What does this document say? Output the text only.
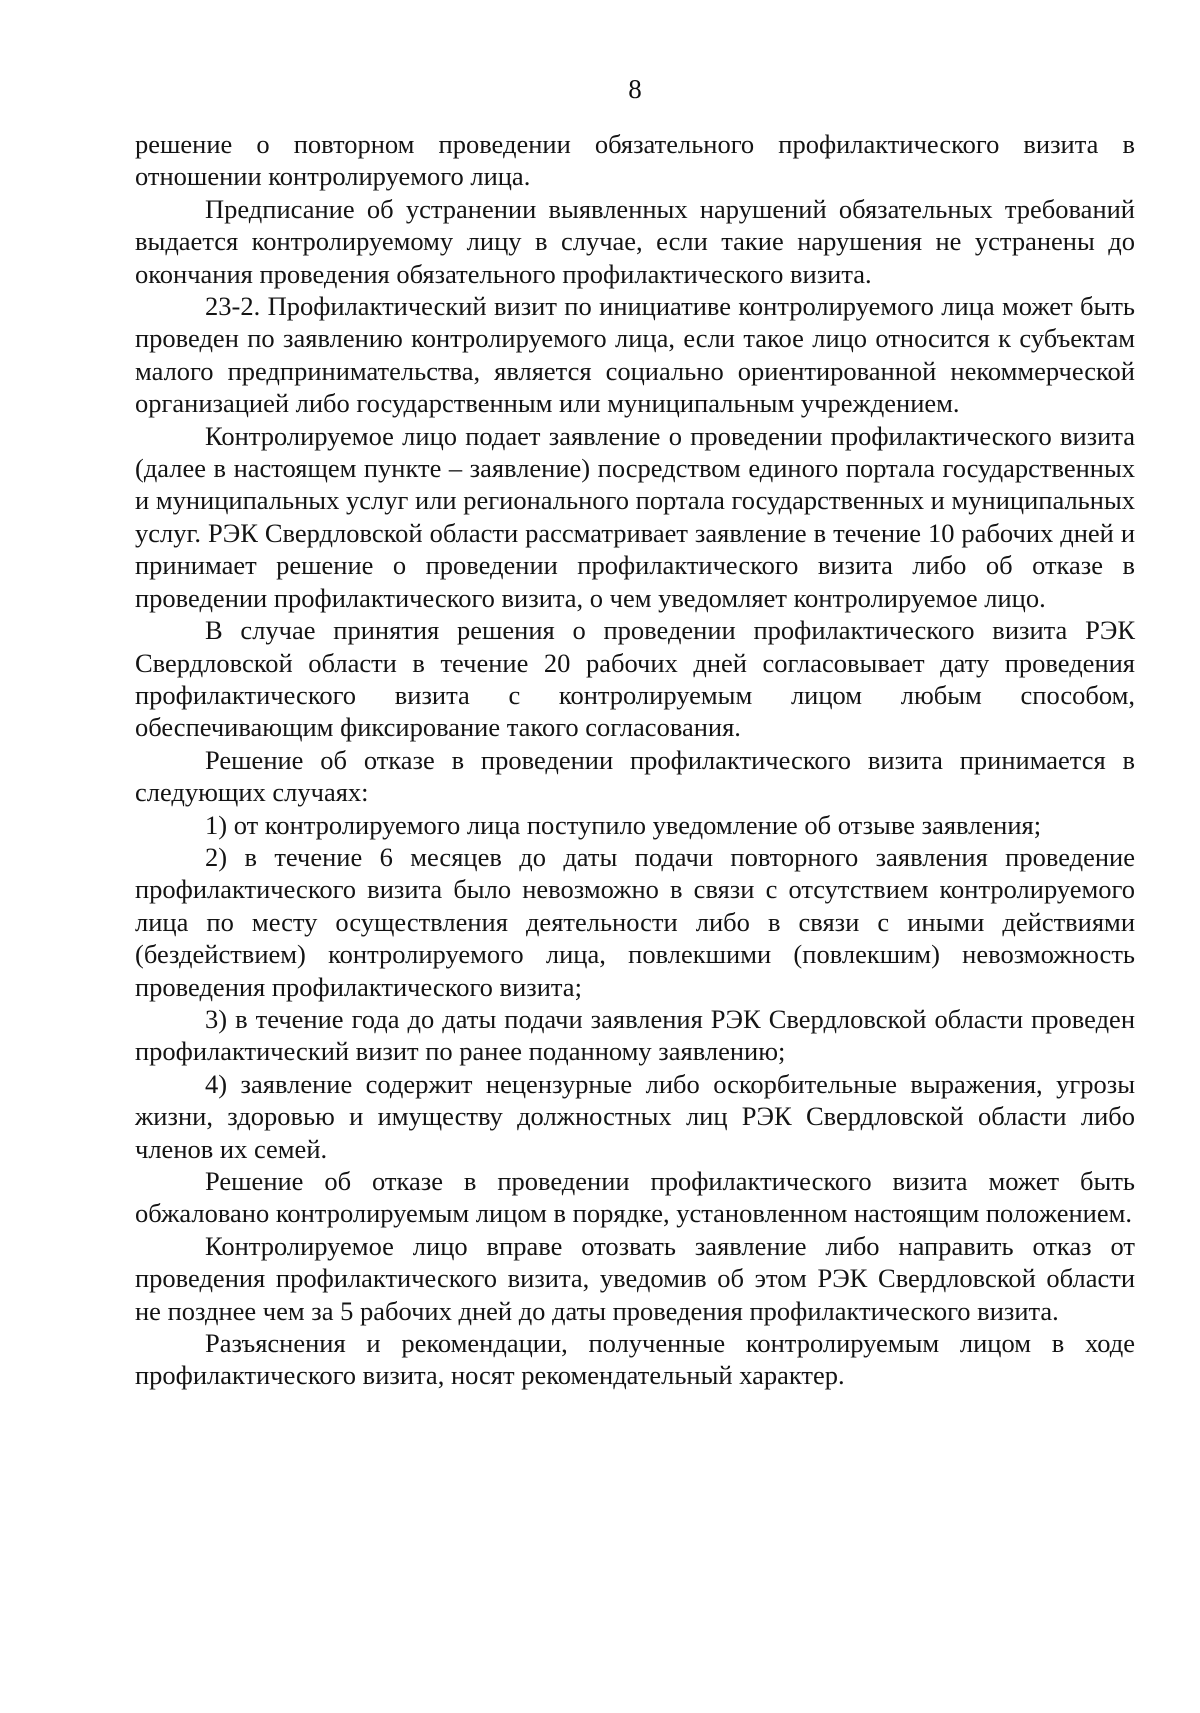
8

решение о повторном проведении обязательного профилактического визита в отношении контролируемого лица.

Предписание об устранении выявленных нарушений обязательных требований выдается контролируемому лицу в случае, если такие нарушения не устранены до окончания проведения обязательного профилактического визита.

23-2. Профилактический визит по инициативе контролируемого лица может быть проведен по заявлению контролируемого лица, если такое лицо относится к субъектам малого предпринимательства, является социально ориентированной некоммерческой организацией либо государственным или муниципальным учреждением.

Контролируемое лицо подает заявление о проведении профилактического визита (далее в настоящем пункте – заявление) посредством единого портала государственных и муниципальных услуг или регионального портала государственных и муниципальных услуг. РЭК Свердловской области рассматривает заявление в течение 10 рабочих дней и принимает решение о проведении профилактического визита либо об отказе в проведении профилактического визита, о чем уведомляет контролируемое лицо.

В случае принятия решения о проведении профилактического визита РЭК Свердловской области в течение 20 рабочих дней согласовывает дату проведения профилактического визита с контролируемым лицом любым способом, обеспечивающим фиксирование такого согласования.

Решение об отказе в проведении профилактического визита принимается в следующих случаях:

1) от контролируемого лица поступило уведомление об отзыве заявления;

2) в течение 6 месяцев до даты подачи повторного заявления проведение профилактического визита было невозможно в связи с отсутствием контролируемого лица по месту осуществления деятельности либо в связи с иными действиями (бездействием) контролируемого лица, повлекшими (повлекшим) невозможность проведения профилактического визита;

3) в течение года до даты подачи заявления РЭК Свердловской области проведен профилактический визит по ранее поданному заявлению;

4) заявление содержит нецензурные либо оскорбительные выражения, угрозы жизни, здоровью и имуществу должностных лиц РЭК Свердловской области либо членов их семей.

Решение об отказе в проведении профилактического визита может быть обжаловано контролируемым лицом в порядке, установленном настоящим положением.

Контролируемое лицо вправе отозвать заявление либо направить отказ от проведения профилактического визита, уведомив об этом РЭК Свердловской области не позднее чем за 5 рабочих дней до даты проведения профилактического визита.

Разъяснения и рекомендации, полученные контролируемым лицом в ходе профилактического визита, носят рекомендательный характер.
